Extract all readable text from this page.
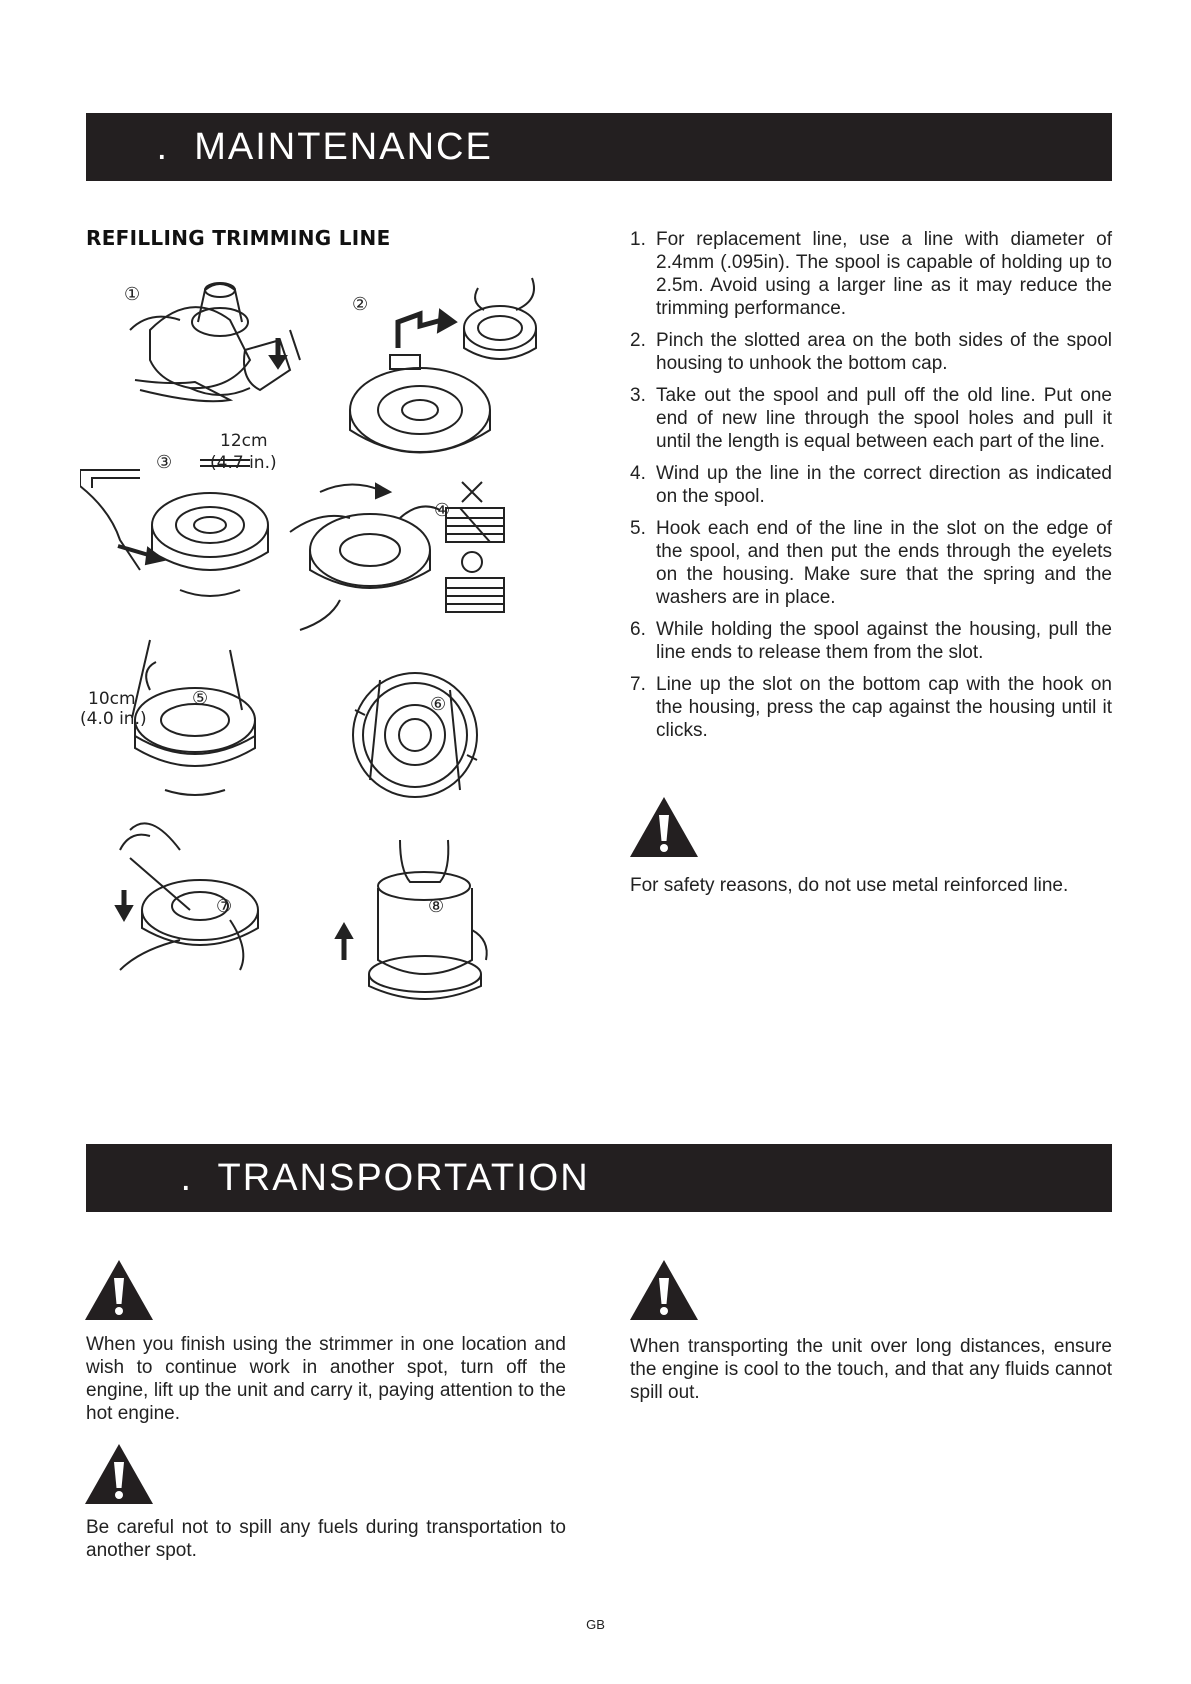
.  MAINTENANCE
REFILLING TRIMMING LINE
①	②
③
12cm
(4.7 in.)
④
⑤
10cm
(4.0 in.)
⑥
⑦	⑧
1. For replacement line, use a line with diameter of 2.4mm (.095in). The spool is capable of holding up to 2.5m. Avoid using a larger line as it may reduce the trimming performance.
2. Pinch the slotted area on the both sides of the spool housing to unhook the bottom cap.
3. Take out the spool and pull off the old line. Put one end of new line through the spool holes and pull it until the length is equal between each part of the line.
4. Wind up the line in the correct direction as indicated on the spool.
5. Hook each end of the line in the slot on the edge of the spool, and then put the ends through the eyelets on the housing. Make sure that the spring and the washers are in place.
6. While holding the spool against the housing, pull the line ends to release them from the slot.
7. Line up the slot on the bottom cap with the hook on the housing, press the cap against the housing until it clicks.

For safety reasons, do not use metal reinforced line.

.  TRANSPORTATION

When you finish using the strimmer in one location and wish to continue work in another spot, turn off the engine, lift up the unit and carry it, paying attention to the hot engine.

Be careful not to spill any fuels during transportation to another spot.

When transporting the unit over long distances, ensure the engine is cool to the touch, and that any fluids cannot spill out.

GB
